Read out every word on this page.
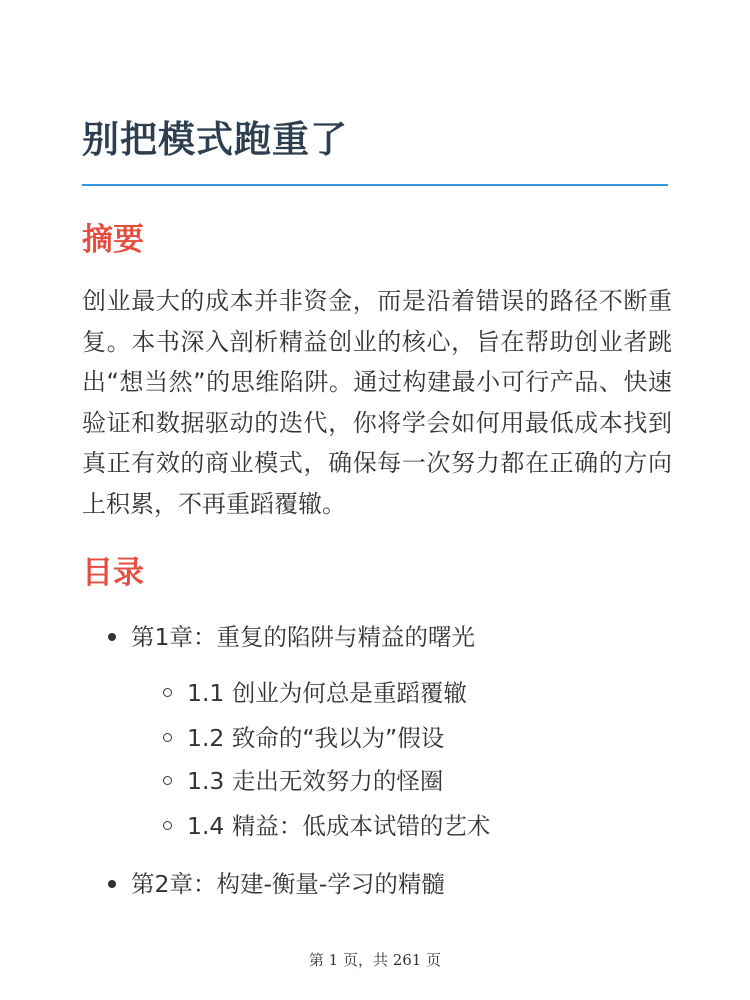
别把模式跑重了
摘要

创业最大的成本并非资金，而是沿着错误的路径不断重复。本书深入剖析精益创业的核心，旨在帮助创业者跳出“想当然”的思维陷阱。通过构建最小可行产品、快速验证和数据驱动的迭代，你将学会如何用最低成本找到真正有效的商业模式，确保每一次努力都在正确的方向上积累，不再重蹈覆辙。

目录
第1章：重复的陷阱与精益的曙光
1.1 创业为何总是重蹈覆辙
1.2 致命的“我以为”假设
1.3 走出无效努力的怪圈
1.4 精益：低成本试错的艺术
第2章：构建-衡量-学习的精髓
第 1 页，共 261 页
